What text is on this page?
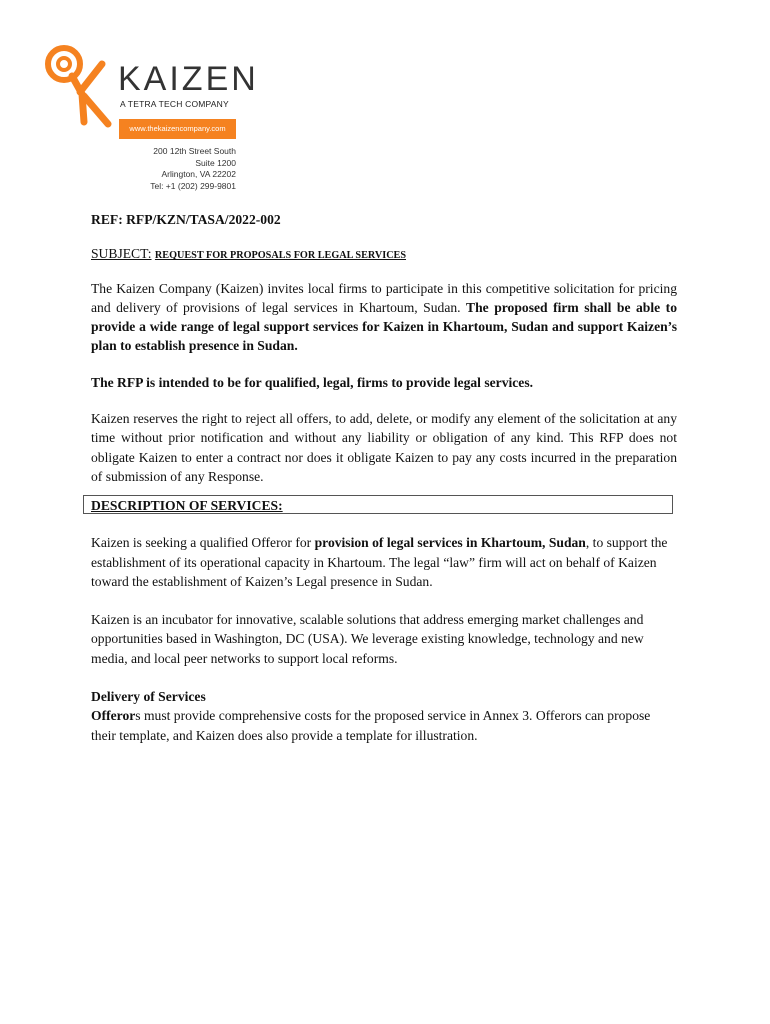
KAIZEN
A TETRA TECH COMPANY
www.thekaizencompany.com
200 12th Street South
Suite 1200
Arlington, VA 22202
Tel: +1 (202) 299-9801
REF: RFP/KZN/TASA/2022-002
SUBJECT: REQUEST FOR PROPOSALS FOR LEGAL SERVICES

The Kaizen Company (Kaizen) invites local firms to participate in this competitive solicitation for pricing and delivery of provisions of legal services in Khartoum, Sudan. The proposed firm shall be able to provide a wide range of legal support services for Kaizen in Khartoum, Sudan and support Kaizen’s plan to establish presence in Sudan.

The RFP is intended to be for qualified, legal, firms to provide legal services.

Kaizen reserves the right to reject all offers, to add, delete, or modify any element of the solicitation at any time without prior notification and without any liability or obligation of any kind. This RFP does not obligate Kaizen to enter a contract nor does it obligate Kaizen to pay any costs incurred in the preparation of submission of any Response.

DESCRIPTION OF SERVICES:

Kaizen is seeking a qualified Offeror for provision of legal services in Khartoum, Sudan, to support the establishment of its operational capacity in Khartoum. The legal “law” firm will act on behalf of Kaizen toward the establishment of Kaizen’s Legal presence in Sudan.

Kaizen is an incubator for innovative, scalable solutions that address emerging market challenges and opportunities based in Washington, DC (USA). We leverage existing knowledge, technology and new media, and local peer networks to support local reforms.

Delivery of Services

Offerors must provide comprehensive costs for the proposed service in Annex 3. Offerors can propose their template, and Kaizen does also provide a template for illustration.
